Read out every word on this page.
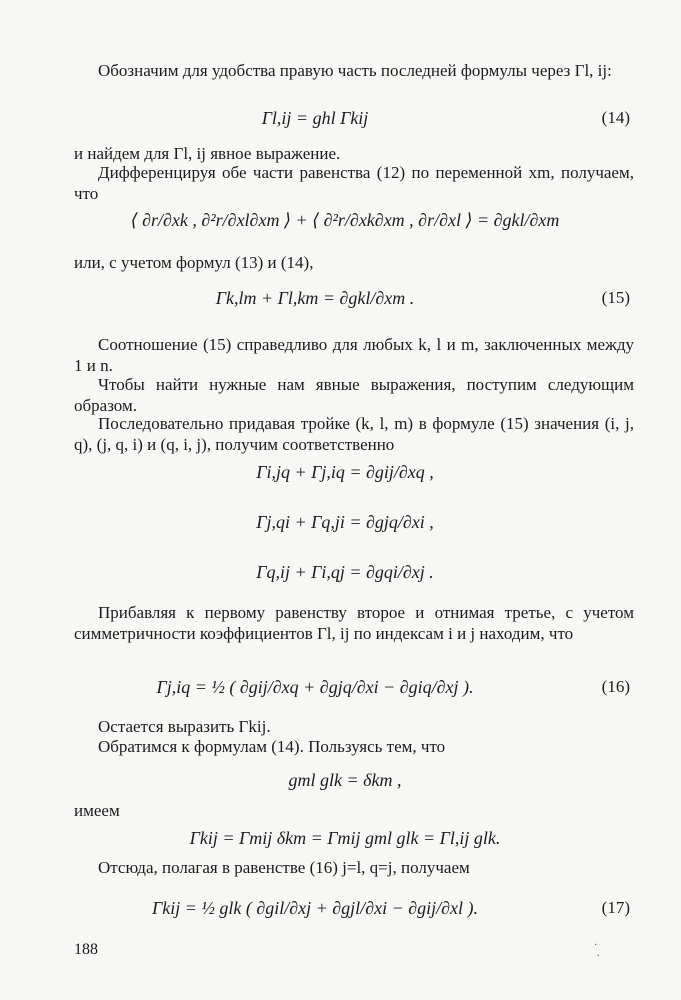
Обозначим для удобства правую часть последней формулы через Γl, ij:

Γl,ij = ghl Γkij	(14)

и найдем для Γl, ij явное выражение.

Дифференцируя обе части равенства (12) по переменной xm, получаем, что

⟨ ∂r/∂xk , ∂²r/∂xl∂xm ⟩ + ⟨ ∂²r/∂xk∂xm , ∂r/∂xl ⟩ = ∂gkl/∂xm

или, с учетом формул (13) и (14),

Γk,lm + Γl,km = ∂gkl/∂xm .	(15)

Соотношение (15) справедливо для любых k, l и m, заключенных между 1 и n.

Чтобы найти нужные нам явные выражения, поступим следующим образом.

Последовательно придавая тройке (k, l, m) в формуле (15) значения (i, j, q), (j, q, i) и (q, i, j), получим соответственно

Γi,jq + Γj,iq = ∂gij/∂xq ,
Γj,qi + Γq,ji = ∂gjq/∂xi ,
Γq,ij + Γi,qj = ∂gqi/∂xj .

Прибавляя к первому равенству второе и отнимая третье, с учетом симметричности коэффициентов Γl, ij по индексам i и j находим, что

Γj,iq = ½ ( ∂gij/∂xq + ∂gjq/∂xi − ∂giq/∂xj ).	(16)

Остается выразить Γkij.

Обратимся к формулам (14). Пользуясь тем, что

gml glk = δkm ,

имеем

Γkij = Γmij δkm = Γmij gml glk = Γl,ij glk.

Отсюда, полагая в равенстве (16) j=l, q=j, получаем

Γkij = ½ glk ( ∂gil/∂xj + ∂gjl/∂xi − ∂gij/∂xl ).	(17)
188	·
·
